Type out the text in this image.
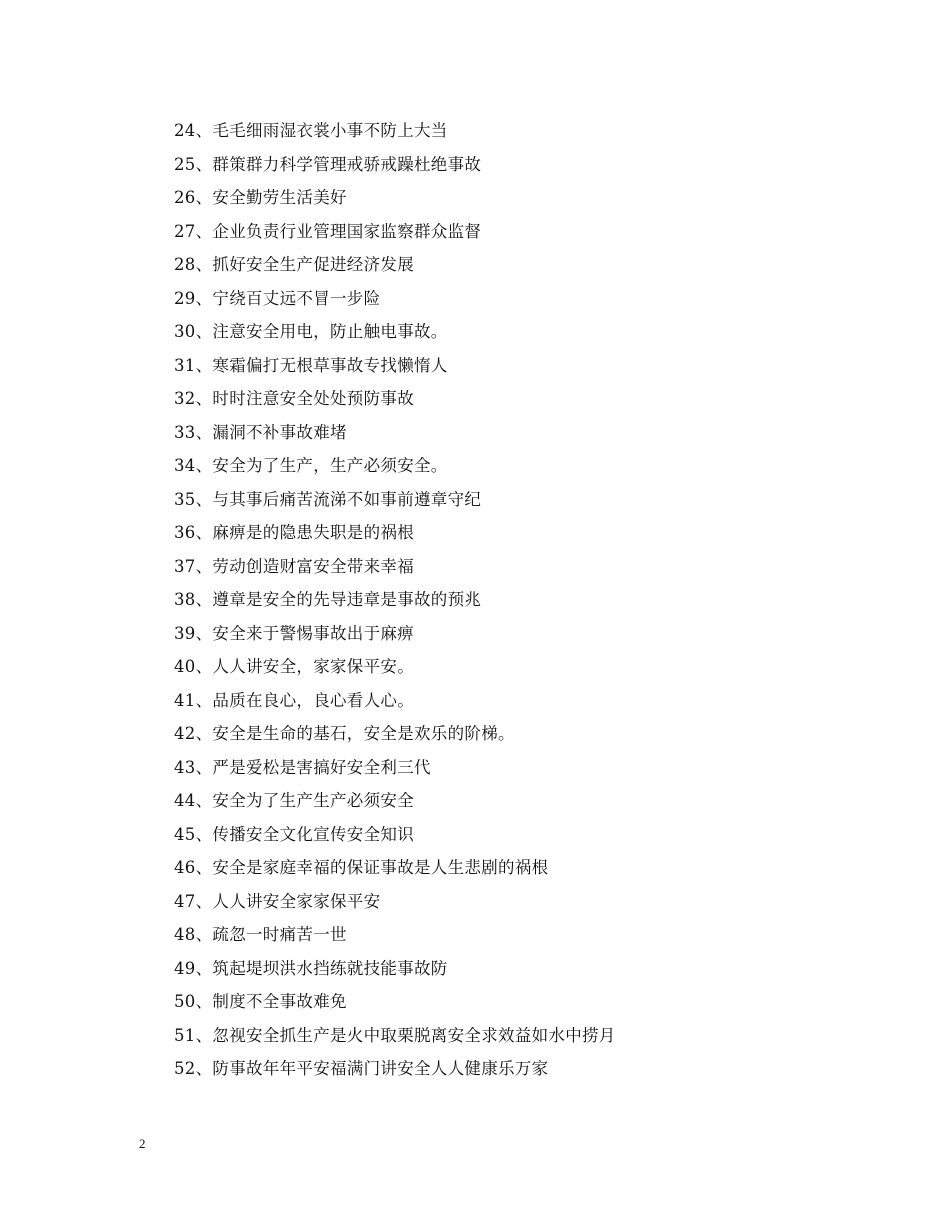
24、毛毛细雨湿衣裳小事不防上大当
25、群策群力科学管理戒骄戒躁杜绝事故
26、安全勤劳生活美好
27、企业负责行业管理国家监察群众监督
28、抓好安全生产促进经济发展
29、宁绕百丈远不冒一步险
30、注意安全用电，防止触电事故。
31、寒霜偏打无根草事故专找懒惰人
32、时时注意安全处处预防事故
33、漏洞不补事故难堵
34、安全为了生产，生产必须安全。
35、与其事后痛苦流涕不如事前遵章守纪
36、麻痹是的隐患失职是的祸根
37、劳动创造财富安全带来幸福
38、遵章是安全的先导违章是事故的预兆
39、安全来于警惕事故出于麻痹
40、人人讲安全，家家保平安。
41、品质在良心，良心看人心。
42、安全是生命的基石，安全是欢乐的阶梯。
43、严是爱松是害搞好安全利三代
44、安全为了生产生产必须安全
45、传播安全文化宣传安全知识
46、安全是家庭幸福的保证事故是人生悲剧的祸根
47、人人讲安全家家保平安
48、疏忽一时痛苦一世
49、筑起堤坝洪水挡练就技能事故防
50、制度不全事故难免
51、忽视安全抓生产是火中取栗脱离安全求效益如水中捞月
52、防事故年年平安福满门讲安全人人健康乐万家
2
